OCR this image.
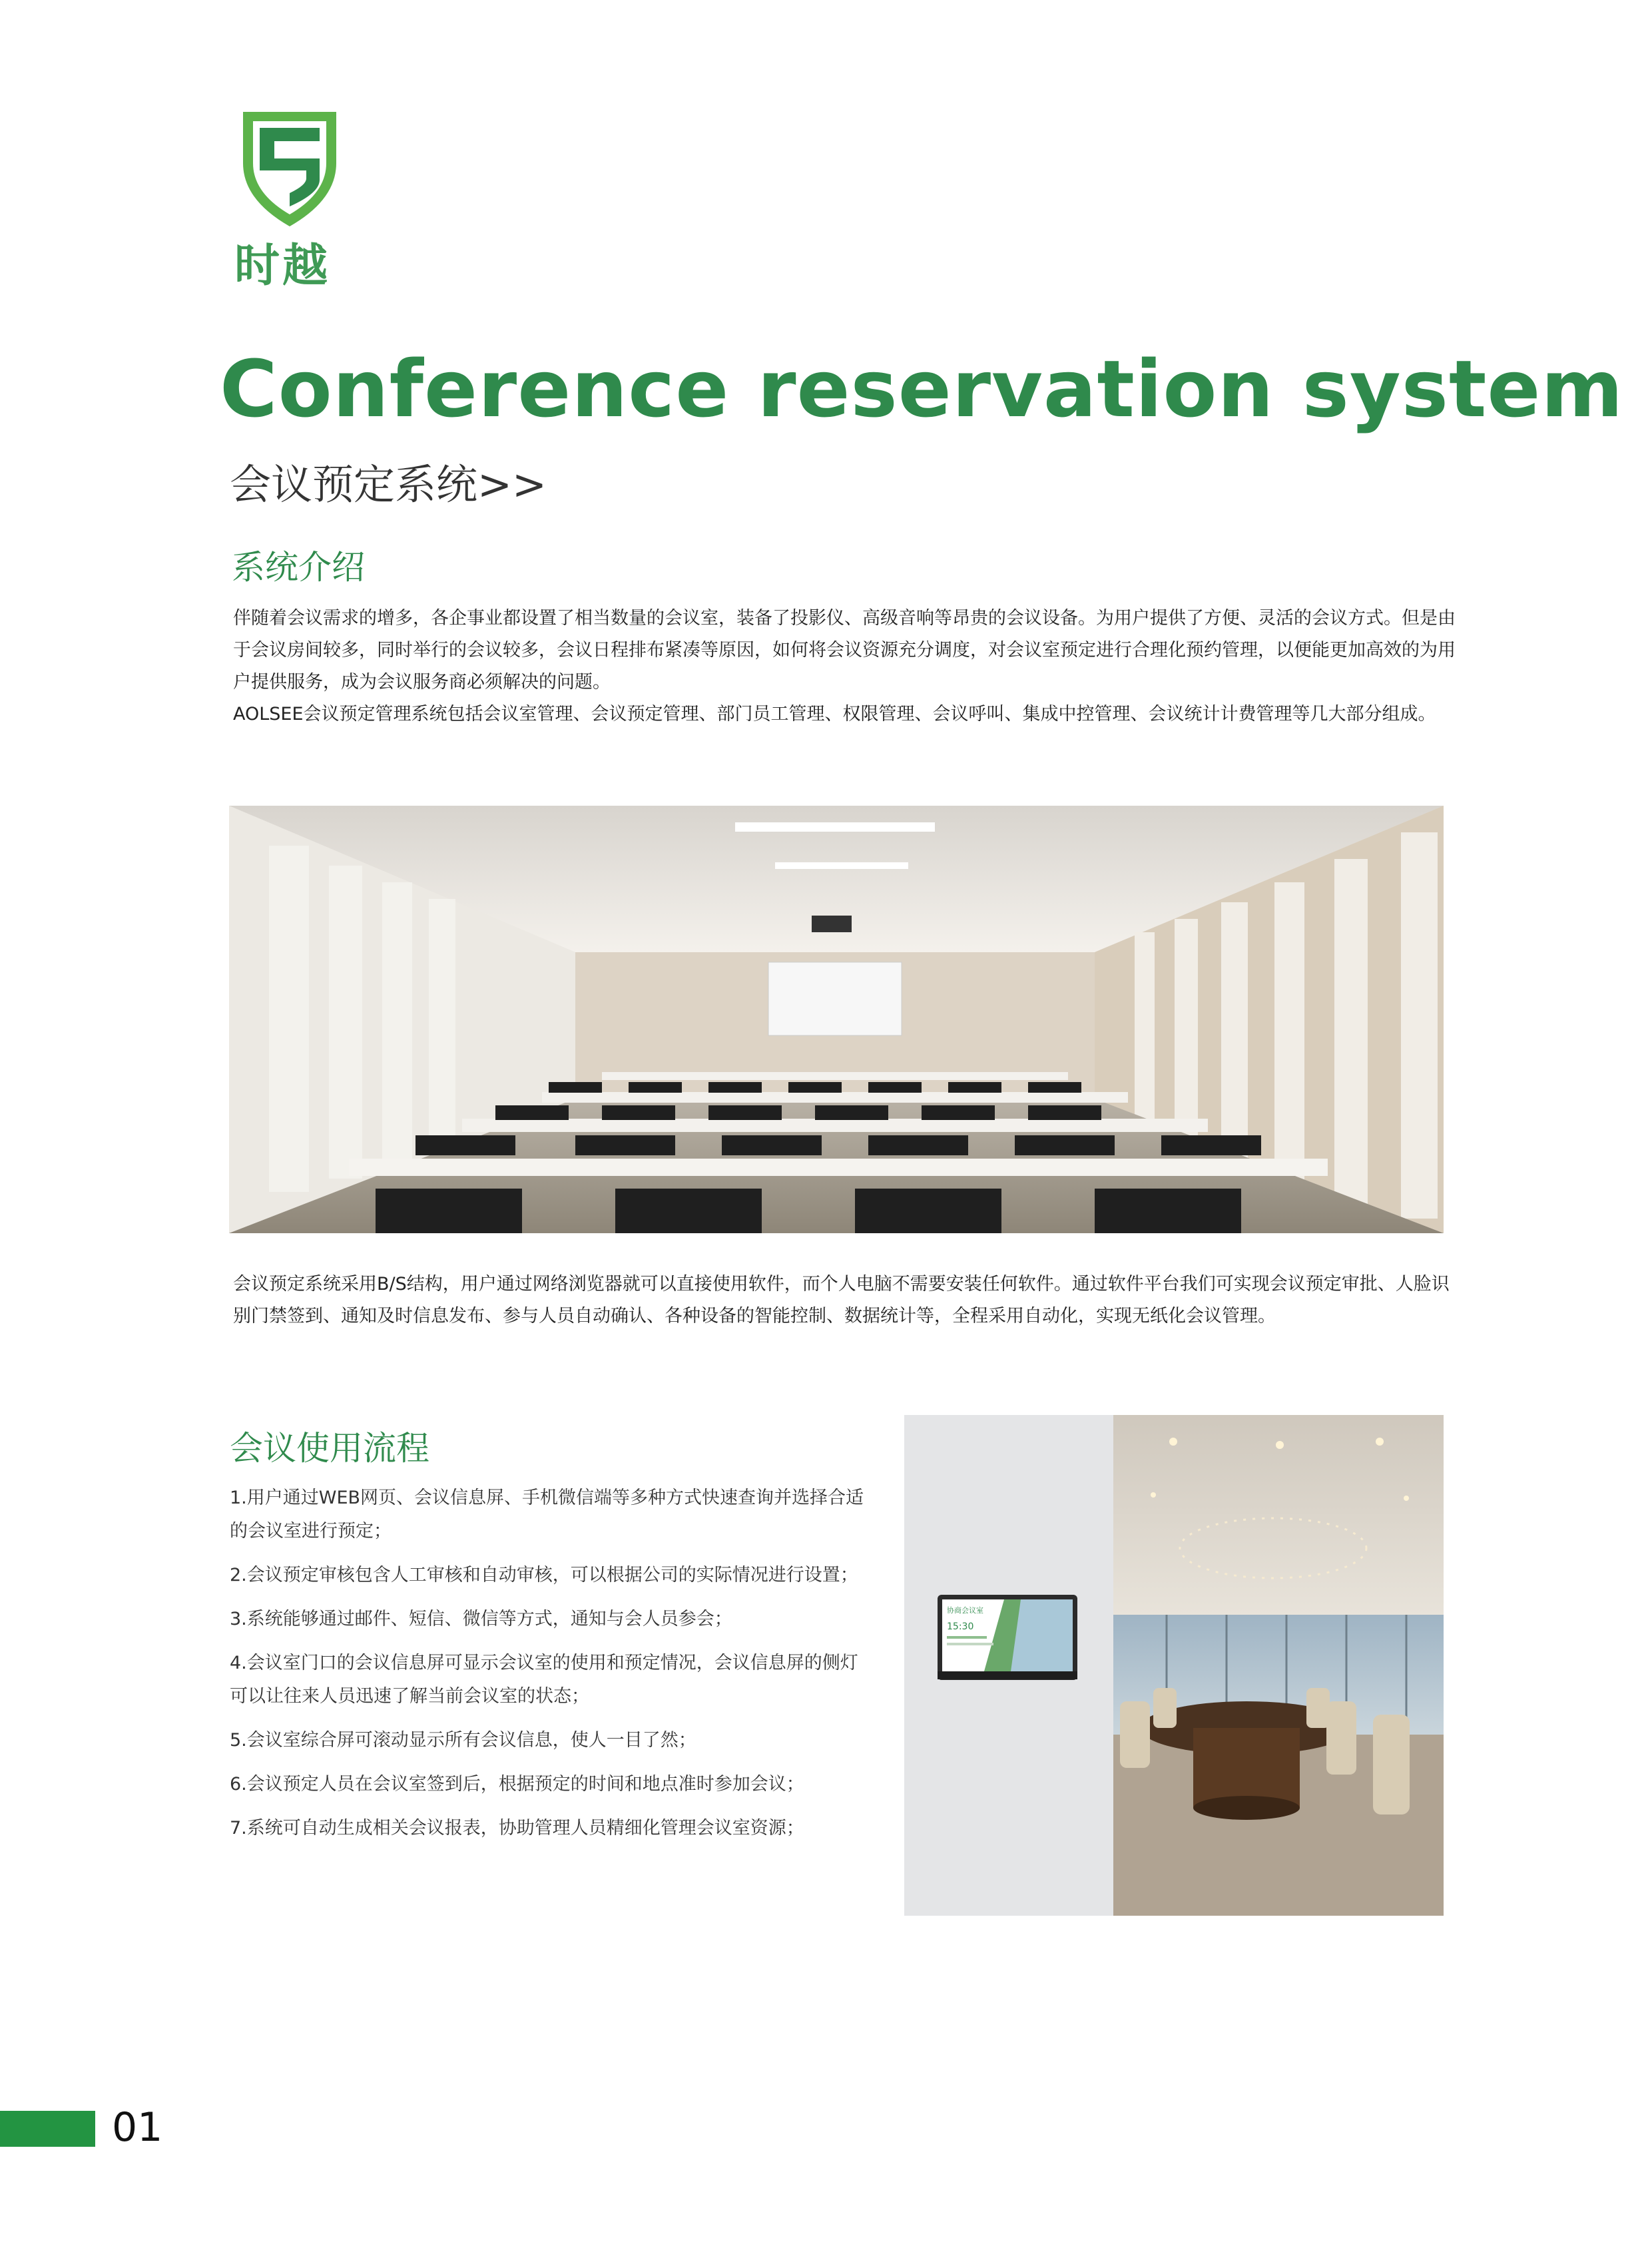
时越
Conference reservation system
会议预定系统>>
系统介绍

伴随着会议需求的增多，各企事业都设置了相当数量的会议室，装备了投影仪、高级音响等昂贵的会议设备。为用户提供了方便、灵活的会议方式。但是由于会议房间较多，同时举行的会议较多，会议日程排布紧凑等原因，如何将会议资源充分调度，对会议室预定进行合理化预约管理，以便能更加高效的为用户提供服务，成为会议服务商必须解决的问题。

AOLSEE会议预定管理系统包括会议室管理、会议预定管理、部门员工管理、权限管理、会议呼叫、集成中控管理、会议统计计费管理等几大部分组成。

会议预定系统采用B/S结构，用户通过网络浏览器就可以直接使用软件，而个人电脑不需要安装任何软件。通过软件平台我们可实现会议预定审批、人脸识别门禁签到、通知及时信息发布、参与人员自动确认、各种设备的智能控制、数据统计等，全程采用自动化，实现无纸化会议管理。

会议使用流程

1.用户通过WEB网页、会议信息屏、手机微信端等多种方式快速查询并选择合适的会议室进行预定；

2.会议预定审核包含人工审核和自动审核，可以根据公司的实际情况进行设置；

3.系统能够通过邮件、短信、微信等方式，通知与会人员参会；

4.会议室门口的会议信息屏可显示会议室的使用和预定情况，会议信息屏的侧灯可以让往来人员迅速了解当前会议室的状态；

5.会议室综合屏可滚动显示所有会议信息，使人一目了然；

6.会议预定人员在会议室签到后，根据预定的时间和地点准时参加会议；

7.系统可自动生成相关会议报表，协助管理人员精细化管理会议室资源；

协商会议室
15:30
01
